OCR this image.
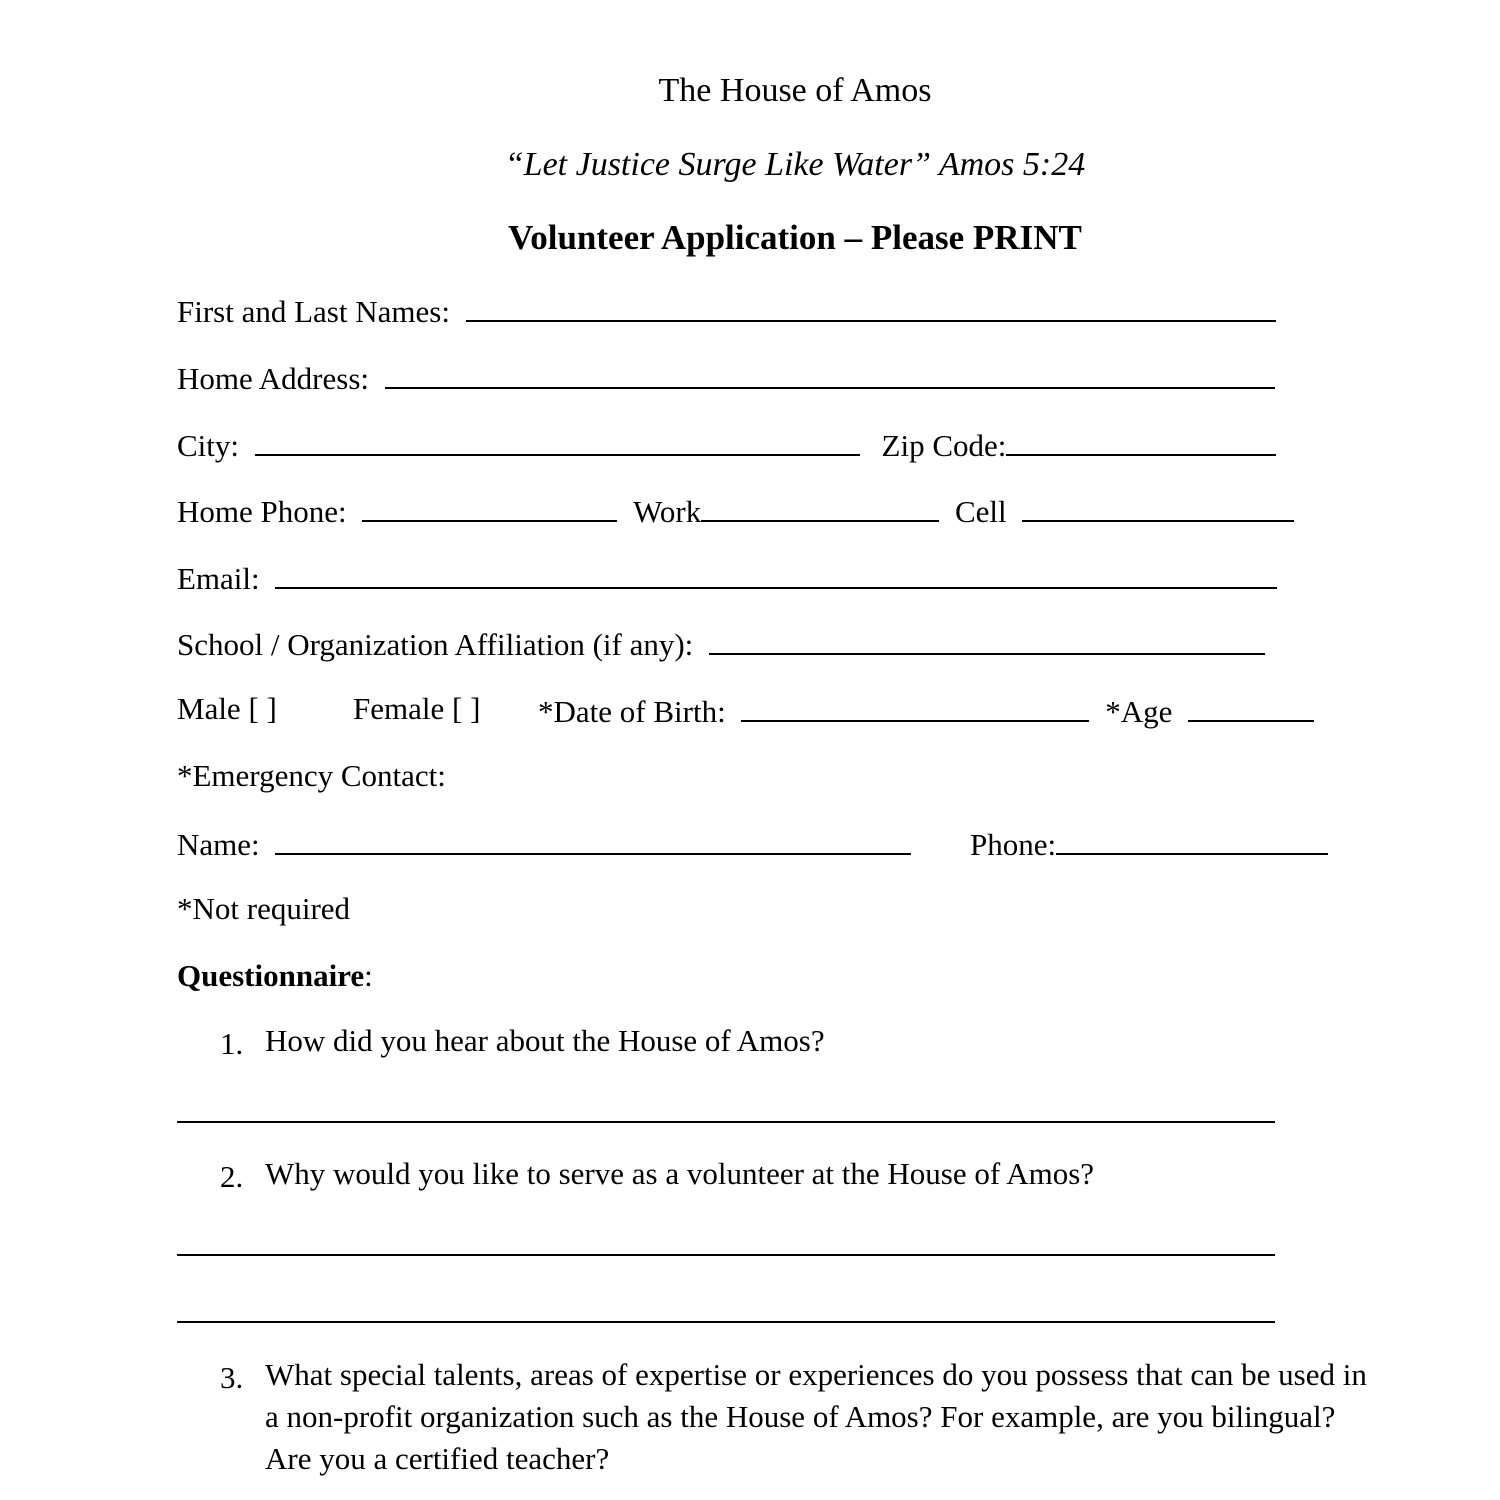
The House of Amos
“Let Justice Surge Like Water” Amos 5:24
Volunteer Application – Please PRINT
First and Last Names:
Home Address:
City:	Zip Code:
Home Phone:	Work	Cell
Email:
School / Organization Affiliation (if any):
Male [ ] Female [ ] *Date of Birth:	*Age
*Emergency Contact:
Name:	Phone:
*Not required
Questionnaire:
1. How did you hear about the House of Amos?
2. Why would you like to serve as a volunteer at the House of Amos?
3. What special talents, areas of expertise or experiences do you possess that can be used in
a non-profit organization such as the House of Amos? For example, are you bilingual?
Are you a certified teacher?
